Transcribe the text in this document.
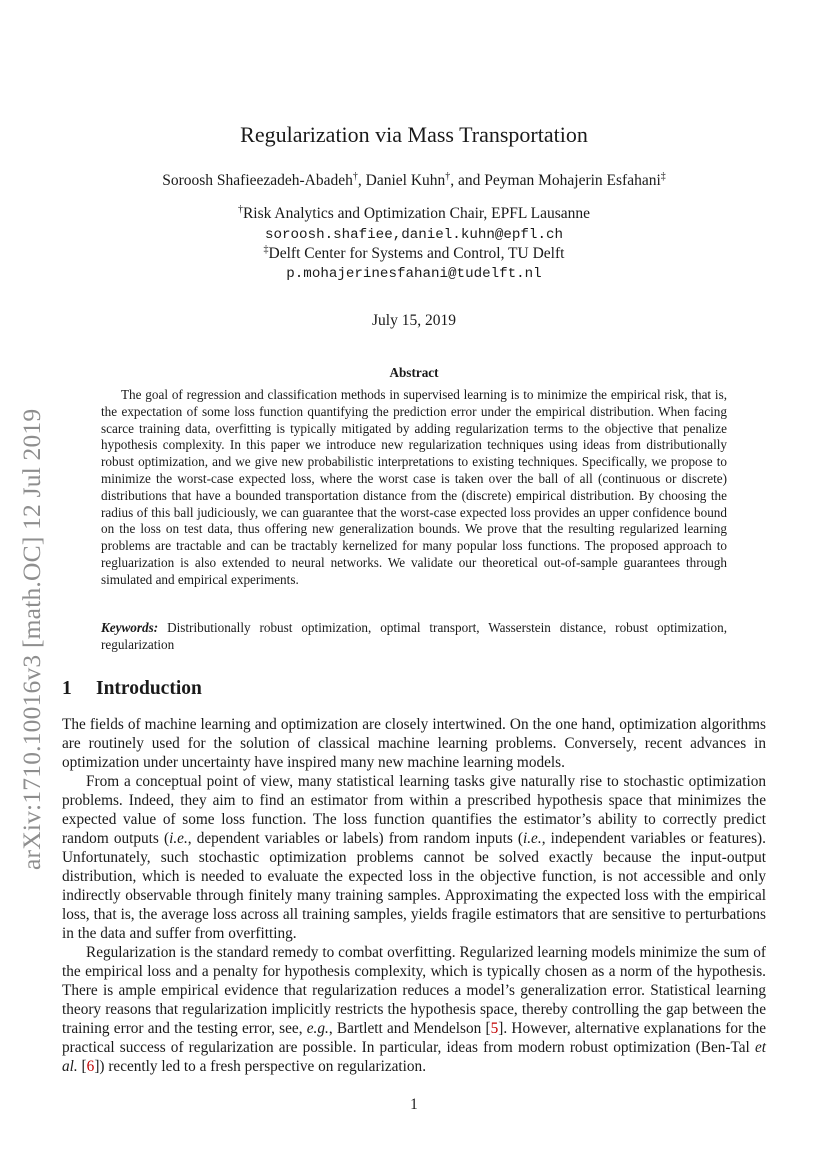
arXiv:1710.10016v3 [math.OC] 12 Jul 2019
Regularization via Mass Transportation
Soroosh Shafieezadeh-Abadeh†, Daniel Kuhn†, and Peyman Mohajerin Esfahani‡
†Risk Analytics and Optimization Chair, EPFL Lausanne
soroosh.shafiee,daniel.kuhn@epfl.ch
‡Delft Center for Systems and Control, TU Delft
p.mohajerinesfahani@tudelft.nl
July 15, 2019
Abstract

The goal of regression and classification methods in supervised learning is to minimize the empirical risk, that is, the expectation of some loss function quantifying the prediction error under the empirical distribution. When facing scarce training data, overfitting is typically mitigated by adding regularization terms to the objective that penalize hypothesis complexity. In this paper we introduce new regularization techniques using ideas from distributionally robust optimization, and we give new probabilistic interpretations to existing techniques. Specifically, we propose to minimize the worst-case expected loss, where the worst case is taken over the ball of all (continuous or discrete) distributions that have a bounded transportation distance from the (discrete) empirical distribution. By choosing the radius of this ball judiciously, we can guarantee that the worst-case expected loss provides an upper confidence bound on the loss on test data, thus offering new generalization bounds. We prove that the resulting regularized learning problems are tractable and can be tractably kernelized for many popular loss functions. The proposed approach to regluarization is also extended to neural networks. We validate our theoretical out-of-sample guarantees through simulated and empirical experiments.

Keywords: Distributionally robust optimization, optimal transport, Wasserstein distance, robust optimization, regularization

1 Introduction

The fields of machine learning and optimization are closely intertwined. On the one hand, optimization algorithms are routinely used for the solution of classical machine learning problems. Conversely, recent advances in optimization under uncertainty have inspired many new machine learning models.

From a conceptual point of view, many statistical learning tasks give naturally rise to stochastic optimization problems. Indeed, they aim to find an estimator from within a prescribed hypothesis space that minimizes the expected value of some loss function. The loss function quantifies the estimator’s ability to correctly predict random outputs (i.e., dependent variables or labels) from random inputs (i.e., independent variables or features). Unfortunately, such stochastic optimization problems cannot be solved exactly because the input-output distribution, which is needed to evaluate the expected loss in the objective function, is not accessible and only indirectly observable through finitely many training samples. Approximating the expected loss with the empirical loss, that is, the average loss across all training samples, yields fragile estimators that are sensitive to perturbations in the data and suffer from overfitting.

Regularization is the standard remedy to combat overfitting. Regularized learning models minimize the sum of the empirical loss and a penalty for hypothesis complexity, which is typically chosen as a norm of the hypothesis. There is ample empirical evidence that regularization reduces a model’s generalization error. Statistical learning theory reasons that regularization implicitly restricts the hypothesis space, thereby controlling the gap between the training error and the testing error, see, e.g., Bartlett and Mendelson [5]. However, alternative explanations for the practical success of regularization are possible. In particular, ideas from modern robust optimization (Ben-Tal et al. [6]) recently led to a fresh perspective on regularization.

1
